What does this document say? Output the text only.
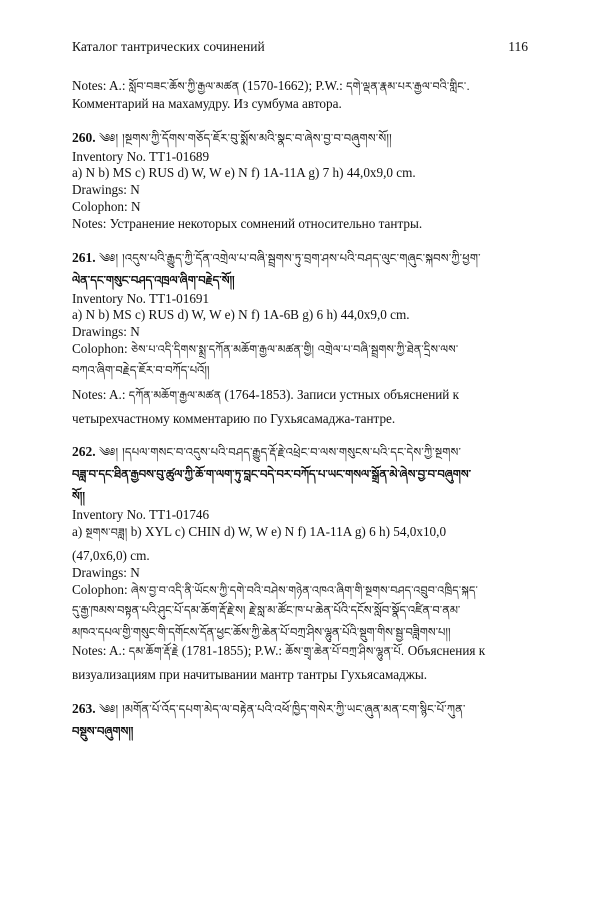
Каталог тантрических сочинений	116

Notes: A.: སློབ་བཟང་ཆོས་ཀྱི་རྒྱལ་མཚན (1570-1662); P.W.: དགེ་ལྡན་རྣམ་པར་རྒྱལ་བའི་གླིང་.

Комментарий на махамудру. Из сумбума автора.

260. ༄༅། །སྔགས་ཀྱི་དོགས་གཅོད་ཇོར་བུ་སྨོས་མའི་སྣང་བ་ཞེས་བྱ་བ་བཞུགས་སོ།།

Inventory No. TT1-01689

a) N b) MS c) RUS d) W, W e) N f) 1A-11A g) 7 h) 44,0x9,0 cm.

Drawings: N

Colophon: N

Notes: Устранение некоторых сомнений относительно тантры.

261. ༄༅། །འདུས་པའི་རྒྱུད་ཀྱི་དོན་འགྲེལ་པ་བཞི་སྦྲགས་ཏུ་བྲག་ཤས་པའི་བཤད་ལུང་གཞུང་སྐབས་ཀྱི་ཕྱག་
ལེན་དང་གསུང་བཤད་འཁྲལ་ཞིག་བརྗེད་སོ།།

Inventory No. TT1-01691

a) N b) MS c) RUS d) W, W e) N f) 1A-6B g) 6 h) 44,0x9,0 cm.

Drawings: N

Colophon: ཅེས་པ་འདི་དིགས་སྨྲ་དཀོན་མཆོག་རྒྱལ་མཚན་གྱི། འགྲེལ་པ་བཞི་སྦྲགས་ཀྱི་ཐེན་དྲིས་ལས་
བཀའ་ཞིག་བརྗེད་ཇོར་བ་བཀོད་པའོ།།

Notes: A.: དཀོན་མཆོག་རྒྱལ་མཚན (1764-1853). Записи устных объяснений к

четырехчастному комментарию по Гухьясамаджа-тантре.

262. ༄༅། །དཔལ་གསང་བ་འདུས་པའི་བཤད་རྒྱུད་རྡོ་རྗེ་འཕྲེང་བ་ལས་གསུངས་པའི་དང་དེས་ཀྱི་སྔགས་
བཟླ་བ་དང་ཐིན་རྒྱབས་བུ་ཚུལ་ཀྱི་ཆོ་ག་ལག་ཏུ་བླང་བདེ་བར་བཀོད་པ་ཡང་གསལ་སྒྲོན་མེ་ཞེས་བྱ་བ་བཞུགས་
སོ།།

Inventory No. TT1-01746

a) སྔགས་བཟླ། b) XYL c) CHIN d) W, W e) N f) 1A-11A g) 6 h) 54,0x10,0

(47,0x6,0) cm.

Drawings: N

Colophon: ཞེས་བྱ་བ་འདི་ནི་ཡོངས་ཀྱི་དགེ་བའི་བཤེས་གཉེན་འཁའ་ཞིག་གི་སྔགས་བཤད་འབྲུབ་འཁྲིད་སྐད་
དུ་རྒྱ་ཁམས་བསྟན་པའི་ཤུང་པོ་དམ་ཆོག་རྡོ་རྗེ་ས། རྗེ་སླ་མ་ཚོང་ཁ་པ་ཆེན་པོའི་དངོས་སློབ་སྣོད་འཛིན་བ་ནམ་
མཁའ་དཔལ་གྱི་གསུང་གི་དགོངས་དོན་ཕྱང་ཆོས་ཀྱི་ཆེན་པོ་བཀྲ་ཤིས་ལྷུན་པོའི་སྡུག་གིས་སྦྱ་བཟླིགས་པ།།

Notes: A.: དམ་ཆོག་རྡོ་རྗེ (1781-1855); P.W.: ཆོས་གྲྭ་ཆེན་པོ་བཀྲ་ཤིས་ལྷུན་པོ. Объяснения к

визуализациям при начитывании мантр тантры Гухьясамаджы.

263. ༄༅། །མགོན་པོ་འོད་དཔག་མེད་ལ་བརྟེན་པའི་འཕོ་ཁྱིད་གསེར་ཀྱི་ཡང་ཞུན་མན་ངག་སྙིང་པོ་ཀུན་
བསྡུས་བཞུགས།།
